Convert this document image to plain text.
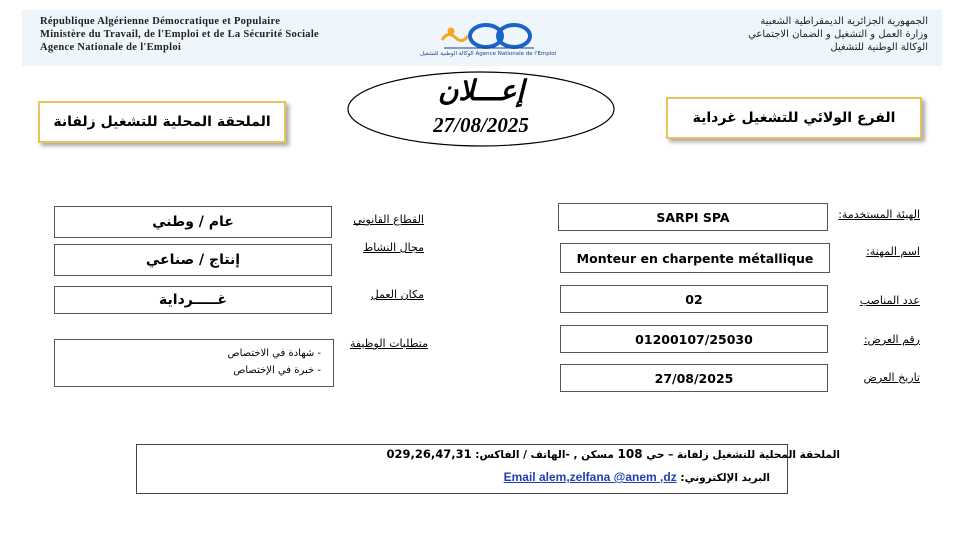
République Algérienne Démocratique et Populaire
Ministère du Travail, de l'Emploi et de La Sécurité Sociale
Agence Nationale de l'Emploi
الجمهورية الجزائرية الديمقراطية الشعبية
وزارة العمل و التشغيل و الضمان الاجتماعي
الوكالة الوطنية للتشغيل
الوكالة الوطنية للتشغيل Agence Nationale de l'Emploi
الفرع الولائي للتشغيل غرداية
الملحقة المحلية للتشغيل زلفانة
إعـــلان
27/08/2025
الهيئة المستخدمة:
SARPI SPA
اسم المهنة:
Monteur en charpente métallique
عدد المناصب
02
رقم العرض:
01200107/25030
تاريخ العرض
27/08/2025
القطاع القانوني
عام / وطني
مجال النشاط
إنتاج / صناعي
مكان العمل
غـــــرداية
متطلبات الوظيفة
- شهادة في الاختصاص
- خبرة في الإختصاص
الملحقة المحلية للتشغيل زلفانة – حي 108 مسكن , -الهاتف / الفاكس: 029,26,47,31
البريد الإلكتروني: Email alem,zelfana @anem ,dz
